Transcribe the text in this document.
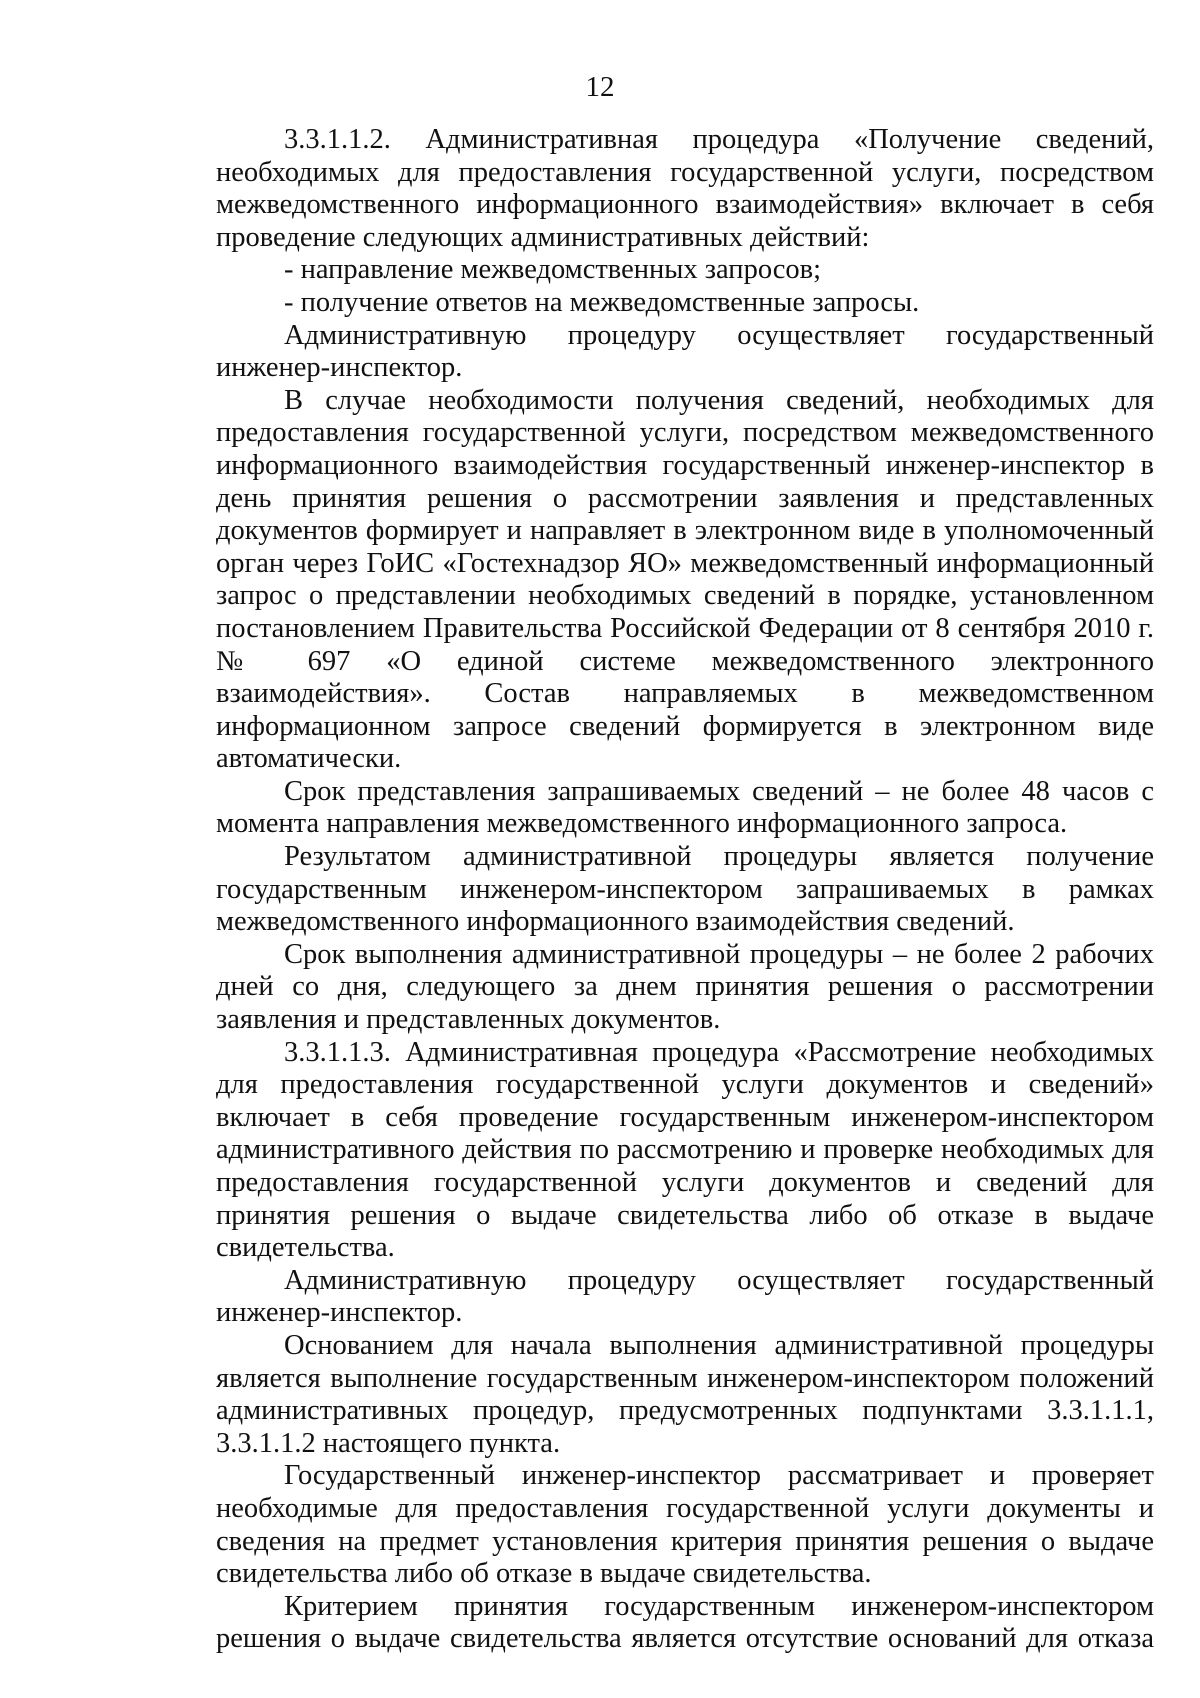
12

3.3.1.1.2. Административная процедура «Получение сведений, необходимых для предоставления государственной услуги, посредством межведомственного информационного взаимодействия» включает в себя проведение следующих административных действий:

- направление межведомственных запросов;

- получение ответов на межведомственные запросы.

Административную процедуру осуществляет государственный инженер-инспектор.

В случае необходимости получения сведений, необходимых для предоставления государственной услуги, посредством межведомственного информационного взаимодействия государственный инженер-инспектор в день принятия решения о рассмотрении заявления и представленных документов формирует и направляет в электронном виде в уполномоченный орган через ГоИС «Гостехнадзор ЯО» межведомственный информационный запрос о представлении необходимых сведений в порядке, установленном постановлением Правительства Российской Федерации от 8 сентября 2010 г. № 697 «О единой системе межведомственного электронного взаимодействия». Состав направляемых в межведомственном информационном запросе сведений формируется в электронном виде автоматически.

Срок представления запрашиваемых сведений – не более 48 часов с момента направления межведомственного информационного запроса.

Результатом административной процедуры является получение государственным инженером-инспектором запрашиваемых в рамках межведомственного информационного взаимодействия сведений.

Срок выполнения административной процедуры – не более 2 рабочих дней со дня, следующего за днем принятия решения о рассмотрении заявления и представленных документов.

3.3.1.1.3. Административная процедура «Рассмотрение необходимых для предоставления государственной услуги документов и сведений» включает в себя проведение государственным инженером-инспектором административного действия по рассмотрению и проверке необходимых для предоставления государственной услуги документов и сведений для принятия решения о выдаче свидетельства либо об отказе в выдаче свидетельства.

Административную процедуру осуществляет государственный инженер-инспектор.

Основанием для начала выполнения административной процедуры является выполнение государственным инженером-инспектором положений административных процедур, предусмотренных подпунктами 3.3.1.1.1, 3.3.1.1.2 настоящего пункта.

Государственный инженер-инспектор рассматривает и проверяет необходимые для предоставления государственной услуги документы и сведения на предмет установления критерия принятия решения о выдаче свидетельства либо об отказе в выдаче свидетельства.

Критерием принятия государственным инженером-инспектором решения о выдаче свидетельства является отсутствие оснований для отказа
